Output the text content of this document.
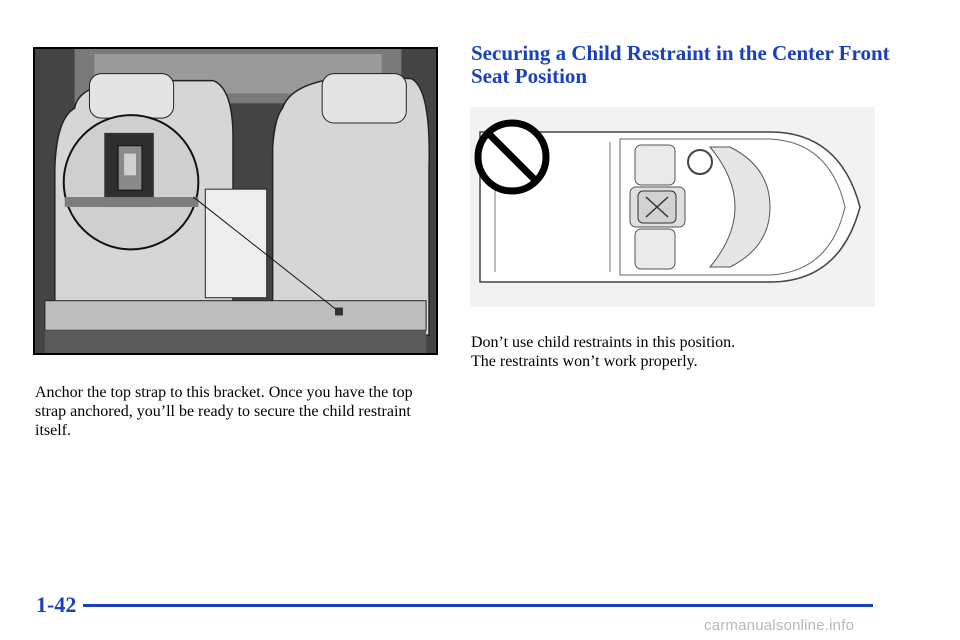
Anchor the top strap to this bracket. Once you have the top strap anchored, you’ll be ready to secure the child restraint itself.
Securing a Child Restraint in the Center Front Seat Position
Don’t use child restraints in this position.
The restraints won’t work properly.
1-42
carmanualsonline.info
